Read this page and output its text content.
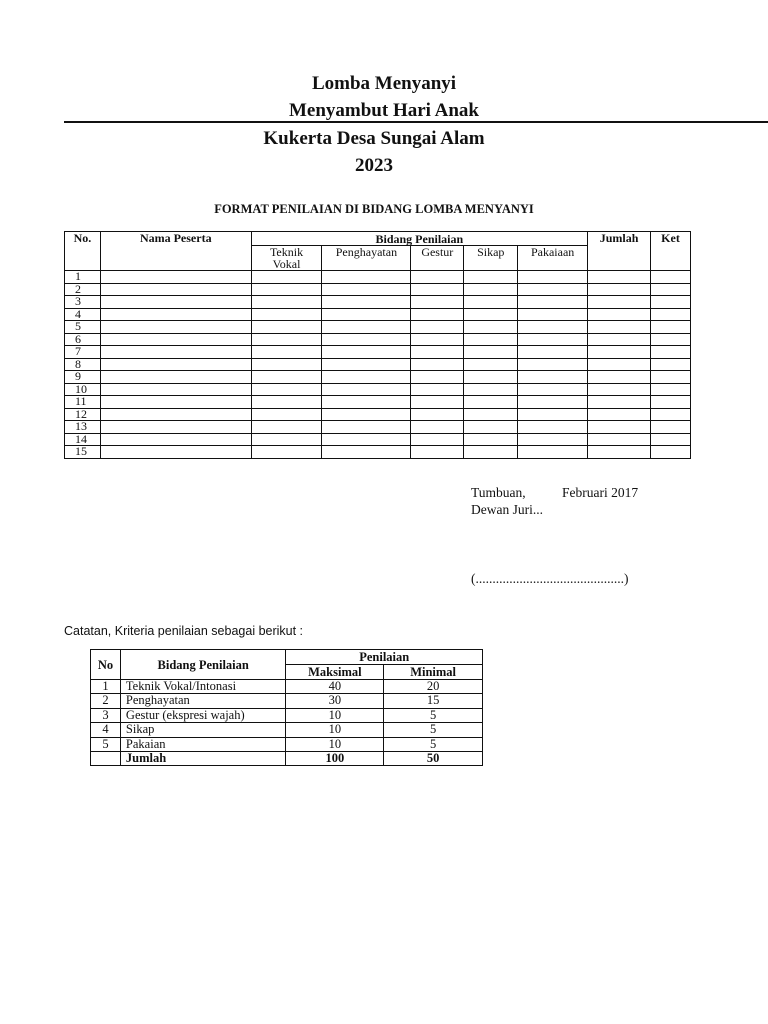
Lomba Menyanyi
Menyambut Hari Anak
Kukerta Desa Sungai Alam
2023
FORMAT PENILAIAN DI BIDANG LOMBA MENYANYI
No.	Nama Peserta	Bidang Penilaian					Jumlah	Ket
		Teknik
Vokal	Penghayatan	Gestur	Sikap	Pakaiaan		
1								
2								
3								
4								
5								
6								
7								
8								
9								
10								
11								
12								
13								
14								
15								
Tumbuan,	Februari 2017
Dewan Juri...
(............................................)
Catatan, Kriteria penilaian sebagai berikut :
No	Bidang Penilaian	Penilaian	
		Maksimal	Minimal
1	Teknik Vokal/Intonasi	40	20
2	Penghayatan	30	15
3	Gestur (ekspresi wajah)	10	5
4	Sikap	10	5
5	Pakaian	10	5
	Jumlah	100	50
